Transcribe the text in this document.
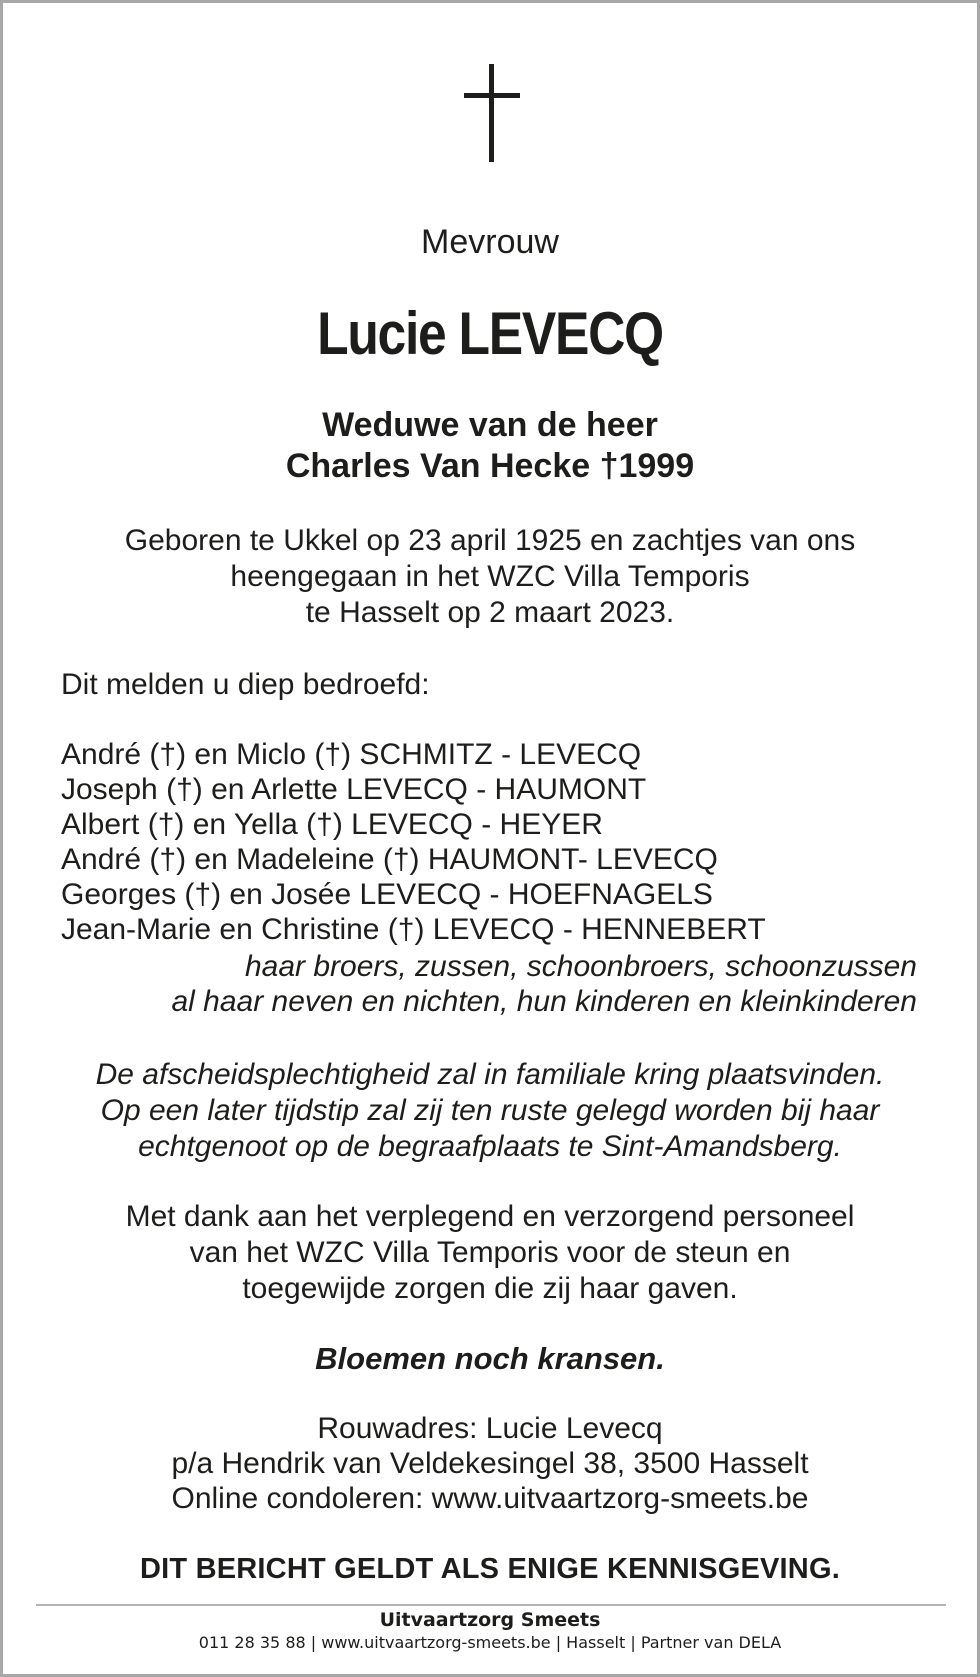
Mevrouw
Lucie LEVECQ
Weduwe van de heer
Charles Van Hecke †1999
Geboren te Ukkel op 23 april 1925 en zachtjes van ons
heengegaan in het WZC Villa Temporis
te Hasselt op 2 maart 2023.
Dit melden u diep bedroefd:
André (†) en Miclo (†) SCHMITZ - LEVECQ
Joseph (†) en Arlette LEVECQ - HAUMONT
Albert (†) en Yella (†) LEVECQ - HEYER
André (†) en Madeleine (†) HAUMONT- LEVECQ
Georges (†) en Josée LEVECQ - HOEFNAGELS
Jean-Marie en Christine (†) LEVECQ - HENNEBERT
haar broers, zussen, schoonbroers, schoonzussen
al haar neven en nichten, hun kinderen en kleinkinderen
De afscheidsplechtigheid zal in familiale kring plaatsvinden.
Op een later tijdstip zal zij ten ruste gelegd worden bij haar
echtgenoot op de begraafplaats te Sint-Amandsberg.
Met dank aan het verplegend en verzorgend personeel
van het WZC Villa Temporis voor de steun en
toegewijde zorgen die zij haar gaven.
Bloemen noch kransen.
Rouwadres: Lucie Levecq
p/a Hendrik van Veldekesingel 38, 3500 Hasselt
Online condoleren: www.uitvaartzorg-smeets.be
DIT BERICHT GELDT ALS ENIGE KENNISGEVING.
Uitvaartzorg Smeets
011 28 35 88 | www.uitvaartzorg-smeets.be | Hasselt | Partner van DELA
